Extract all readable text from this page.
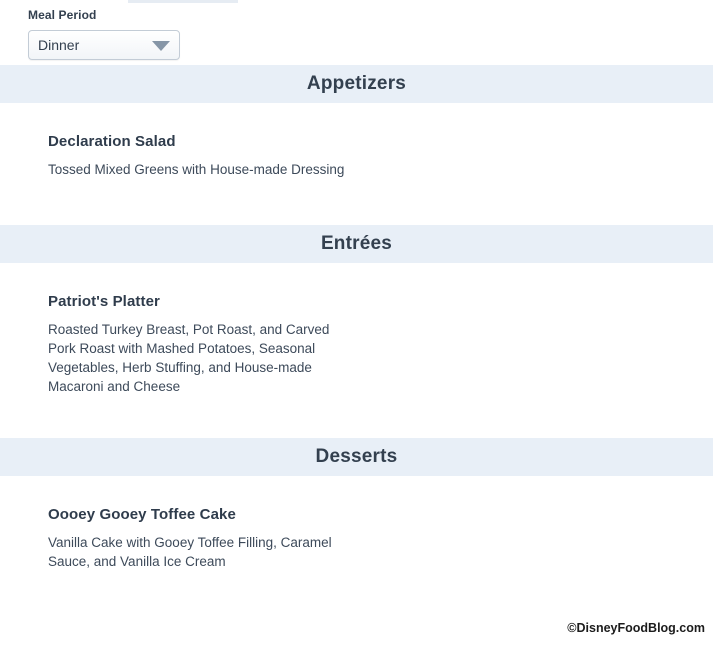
Meal Period
Dinner
Appetizers

Declaration Salad

Tossed Mixed Greens with House-made Dressing

Entrées

Patriot's Platter

Roasted Turkey Breast, Pot Roast, and Carved Pork Roast with Mashed Potatoes, Seasonal Vegetables, Herb Stuffing, and House-made Macaroni and Cheese

Desserts

Oooey Gooey Toffee Cake

Vanilla Cake with Gooey Toffee Filling, Caramel Sauce, and Vanilla Ice Cream

©DisneyFoodBlog.com
